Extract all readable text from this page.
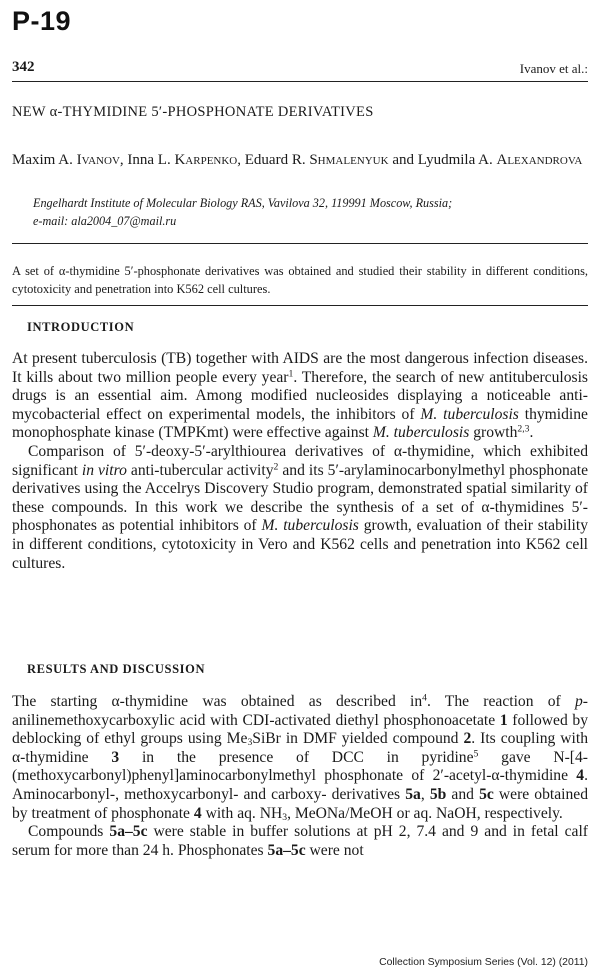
P-19
342	Ivanov et al.:
NEW α-THYMIDINE 5′-PHOSPHONATE DERIVATIVES
Maxim A. Ivanov, Inna L. Karpenko, Eduard R. Shmalenyuk and Lyudmila A. Alexandrova
Engelhardt Institute of Molecular Biology RAS, Vavilova 32, 119991 Moscow, Russia;
e-mail: ala2004_07@mail.ru

A set of α-thymidine 5′-phosphonate derivatives was obtained and studied their stability in different conditions, cytotoxicity and penetration into K562 cell cultures.

INTRODUCTION

At present tuberculosis (TB) together with AIDS are the most dangerous infection diseases. It kills about two million people every year$^1$. Therefore, the search of new antituberculosis drugs is an essential aim. Among modified nucleosides displaying a noticeable anti-mycobacterial effect on experimental models, the inhibitors of M. tuberculosis thymidine monophosphate kinase (TMPKmt) were effective against M. tuberculosis growth$^{2,3}$.

Comparison of 5′-deoxy-5′-arylthiourea derivatives of α-thymidine, which exhibited significant in vitro anti-tubercular activity$^2$ and its 5′-arylaminocarbonylmethyl phosphonate derivatives using the Accelrys Discovery Studio program, demonstrated spatial similarity of these compounds. In this work we describe the synthesis of a set of α-thymidines 5′-phosphonates as potential inhibitors of M. tuberculosis growth, evaluation of their stability in different conditions, cytotoxicity in Vero and K562 cells and penetration into K562 cell cultures.

RESULTS AND DISCUSSION

The starting α-thymidine was obtained as described $in^4$. The reaction of p-anilinemethoxycarboxylic acid with CDI-activated diethyl phosphonoacetate 1 followed by deblocking of ethyl groups using $Me_3SiBr$ in DMF yielded compound 2. Its coupling with α-thymidine 3 in the presence of DCC in pyridine$^5$ gave N-[4-(methoxycarbonyl)phenyl]aminocarbonylmethyl phosphonate of 2′-acetyl-α-thymidine 4. Aminocarbonyl-, methoxycarbonyl- and carboxy- derivatives 5a, 5b and 5c were obtained by treatment of phosphonate 4 with aq. $NH_3$, MeONa/MeOH or aq. NaOH, respectively.

Compounds 5a–5c were stable in buffer solutions at pH 2, 7.4 and 9 and in fetal calf serum for more than 24 h. Phosphonates 5a–5c were not

Collection Symposium Series (Vol. 12) (2011)
